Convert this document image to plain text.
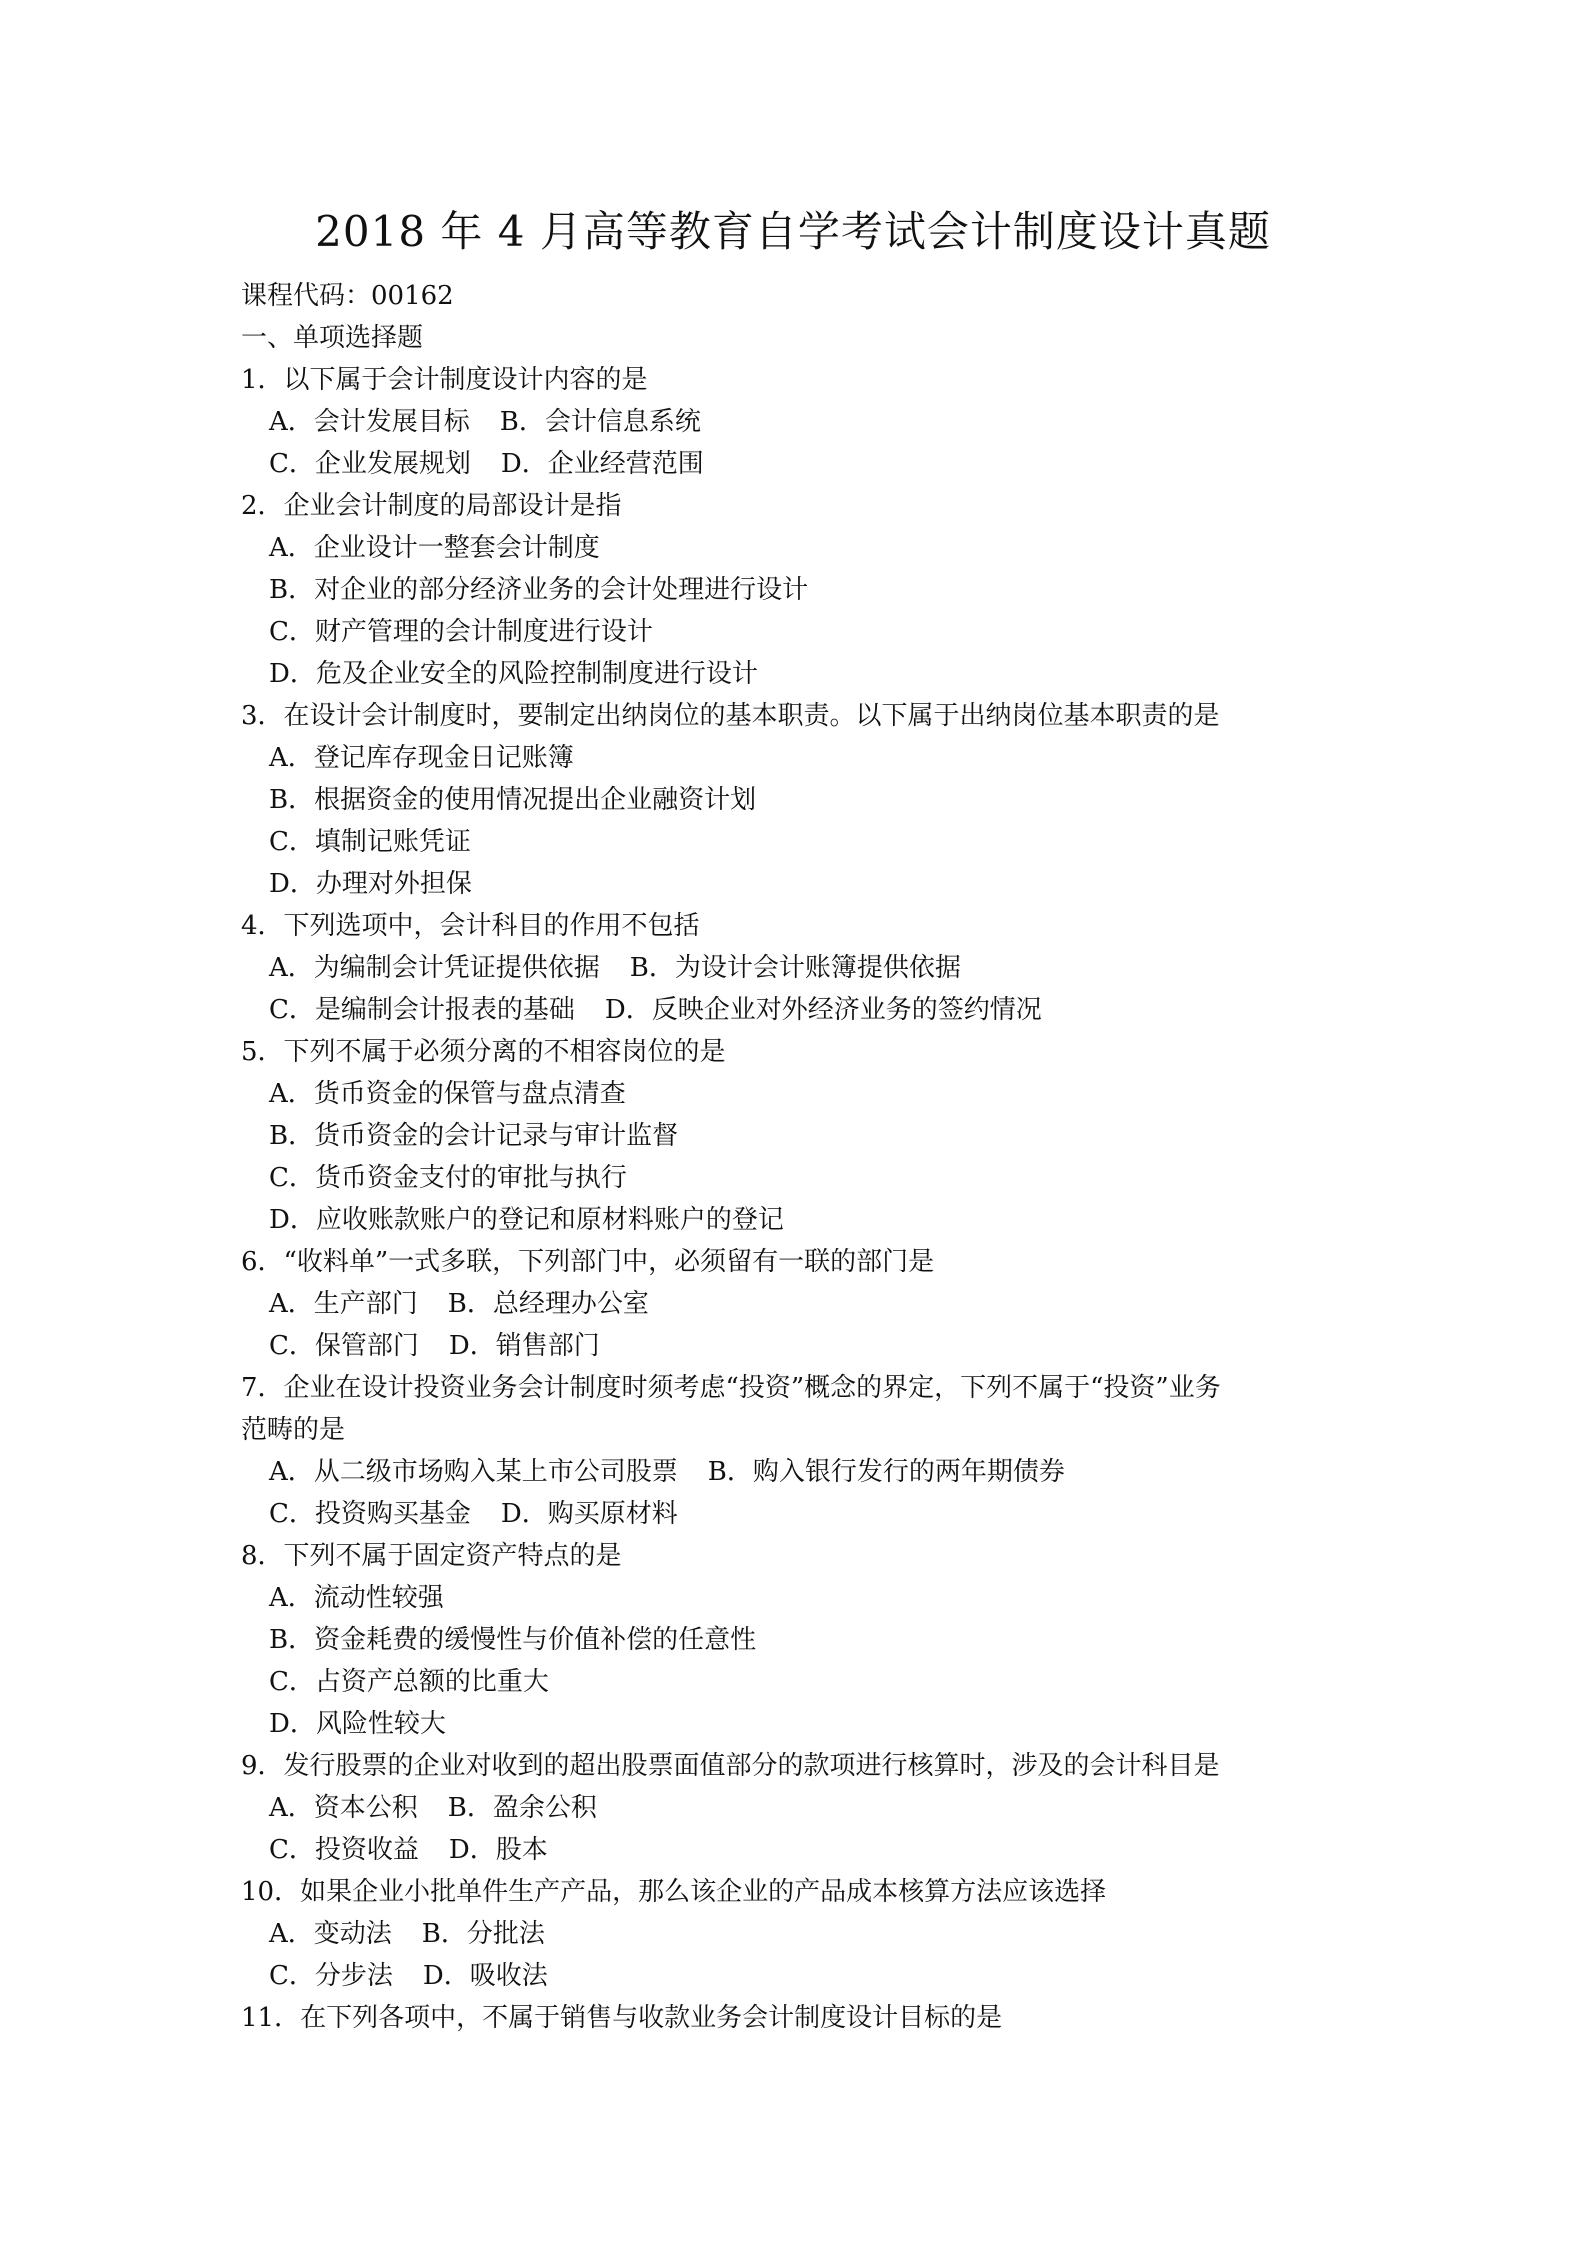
2018 年 4 月高等教育自学考试会计制度设计真题
课程代码：00162
一、单项选择题
1．以下属于会计制度设计内容的是
A．会计发展目标 B．会计信息系统
C．企业发展规划 D．企业经营范围
2．企业会计制度的局部设计是指
A．企业设计一整套会计制度
B．对企业的部分经济业务的会计处理进行设计
C．财产管理的会计制度进行设计
D．危及企业安全的风险控制制度进行设计
3．在设计会计制度时，要制定出纳岗位的基本职责。以下属于出纳岗位基本职责的是
A．登记库存现金日记账簿
B．根据资金的使用情况提出企业融资计划
C．填制记账凭证
D．办理对外担保
4．下列选项中，会计科目的作用不包括
A．为编制会计凭证提供依据 B．为设计会计账簿提供依据
C．是编制会计报表的基础 D．反映企业对外经济业务的签约情况
5．下列不属于必须分离的不相容岗位的是
A．货币资金的保管与盘点清查
B．货币资金的会计记录与审计监督
C．货币资金支付的审批与执行
D．应收账款账户的登记和原材料账户的登记
6．“收料单”一式多联，下列部门中，必须留有一联的部门是
A．生产部门 B．总经理办公室
C．保管部门 D．销售部门
7．企业在设计投资业务会计制度时须考虑“投资”概念的界定，下列不属于“投资”业务
范畴的是
A．从二级市场购入某上市公司股票 B．购入银行发行的两年期债券
C．投资购买基金 D．购买原材料
8．下列不属于固定资产特点的是
A．流动性较强
B．资金耗费的缓慢性与价值补偿的任意性
C．占资产总额的比重大
D．风险性较大
9．发行股票的企业对收到的超出股票面值部分的款项进行核算时，涉及的会计科目是
A．资本公积 B．盈余公积
C．投资收益 D．股本
10．如果企业小批单件生产产品，那么该企业的产品成本核算方法应该选择
A．变动法 B．分批法
C．分步法 D．吸收法
11．在下列各项中，不属于销售与收款业务会计制度设计目标的是
